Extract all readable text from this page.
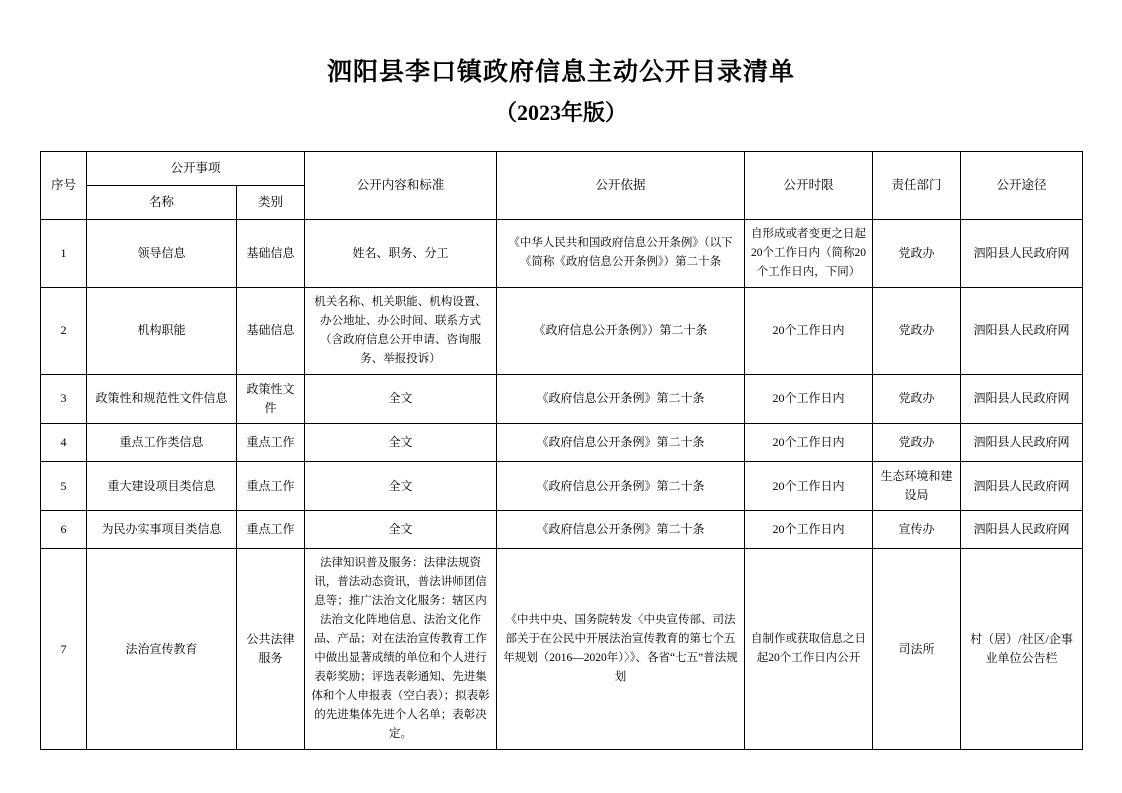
泗阳县李口镇政府信息主动公开目录清单
（2023年版）
序号	公开事项		公开内容和标准	公开依据	公开时限	责任部门	公开途径
	名称	类别					
1	领导信息	基础信息	姓名、职务、分工	《中华人民共和国政府信息公开条例》（以下《简称《政府信息公开条例》）第二十条	自形成或者变更之日起20个工作日内（简称20个工作日内，下同）	党政办	泗阳县人民政府网
2	机构职能	基础信息	机关名称、机关职能、机构设置、办公地址、办公时间、联系方式（含政府信息公开申请、咨询服务、举报投诉）	《政府信息公开条例》）第二十条	20个工作日内	党政办	泗阳县人民政府网
3	政策性和规范性文件信息	政策性文件	全文	《政府信息公开条例》第二十条	20个工作日内	党政办	泗阳县人民政府网
4	重点工作类信息	重点工作	全文	《政府信息公开条例》第二十条	20个工作日内	党政办	泗阳县人民政府网
5	重大建设项目类信息	重点工作	全文	《政府信息公开条例》第二十条	20个工作日内	生态环境和建设局	泗阳县人民政府网
6	为民办实事项目类信息	重点工作	全文	《政府信息公开条例》第二十条	20个工作日内	宣传办	泗阳县人民政府网
7	法治宣传教育	公共法律服务	法律知识普及服务：法律法规资讯，普法动态资讯，普法讲师团信息等；推广法治文化服务：辖区内法治文化阵地信息、法治文化作品、产品；对在法治宣传教育工作中做出显著成绩的单位和个人进行表彰奖励；评选表彰通知、先进集体和个人申报表（空白表）；拟表彰的先进集体先进个人名单；表彰决定。	《中共中央、国务院转发〈中央宣传部、司法部关于在公民中开展法治宣传教育的第七个五年规划（2016—2020年）〉》、各省“七五”普法规划	自制作或获取信息之日起20个工作日内公开	司法所	村（居）/社区/企事业单位公告栏
